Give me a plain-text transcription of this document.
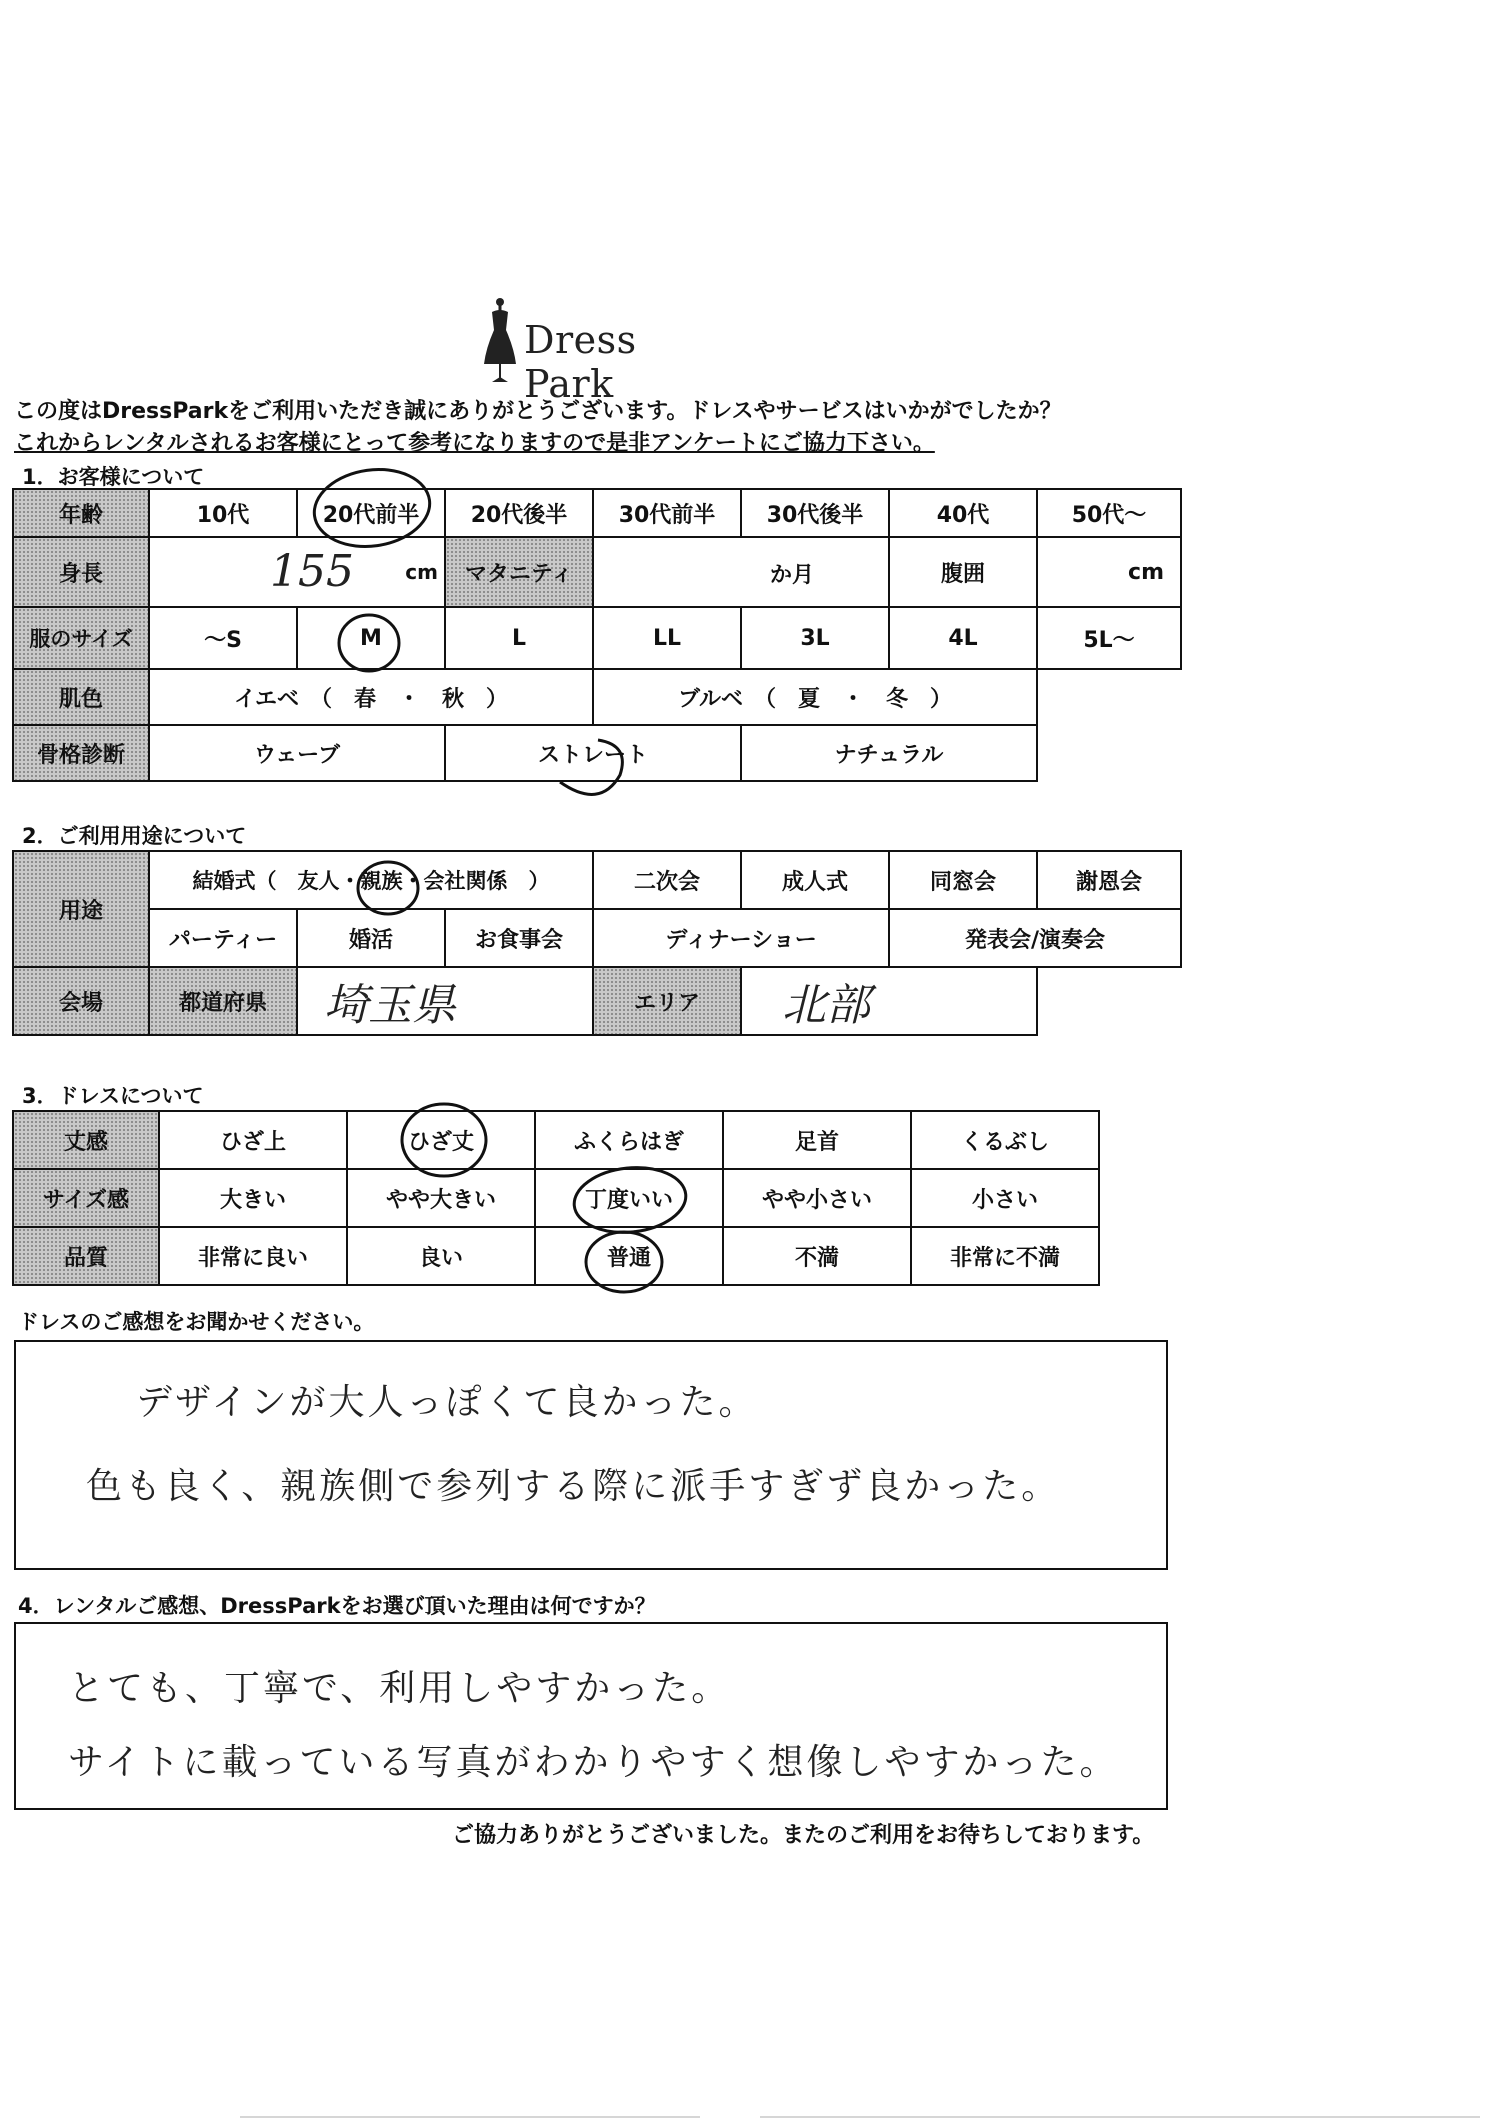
Dress Park
この度はDressParkをご利用いただき誠にありがとうございます。ドレスやサービスはいかがでしたか？
これからレンタルされるお客様にとって参考になりますので是非アンケートにご協力下さい。
1．お客様について
年齢	10代	20代前半	20代後半	30代前半	30代後半	40代	50代～
身長	155 cm		マタニティ	か月		腹囲	cm
服のサイズ	～S	M	L	LL	3L	4L	5L～
肌色	イエベ　（　春　・　秋　）			ブルベ　（　夏　・　冬　）			
骨格診断	ウェーブ		ストレート		ナチュラル		
2．ご利用用途について
用途	結婚式（　友人・親族・会社関係　）			二次会	成人式	同窓会	謝恩会
	パーティー	婚活	お食事会	ディナーショー		発表会/演奏会	
会場	都道府県	埼玉県		エリア	北部		
3．ドレスについて
丈感	ひざ上	ひざ丈	ふくらはぎ	足首	くるぶし
サイズ感	大きい	やや大きい	丁度いい	やや小さい	小さい
品質	非常に良い	良い	普通	不満	非常に不満
ドレスのご感想をお聞かせください。
デザインが大人っぽくて良かった。
色も良く、親族側で参列する際に派手すぎず良かった。
4．レンタルご感想、DressParkをお選び頂いた理由は何ですか？
とても、丁寧で、利用しやすかった。
サイトに載っている写真がわかりやすく想像しやすかった。
ご協力ありがとうございました。またのご利用をお待ちしております。
